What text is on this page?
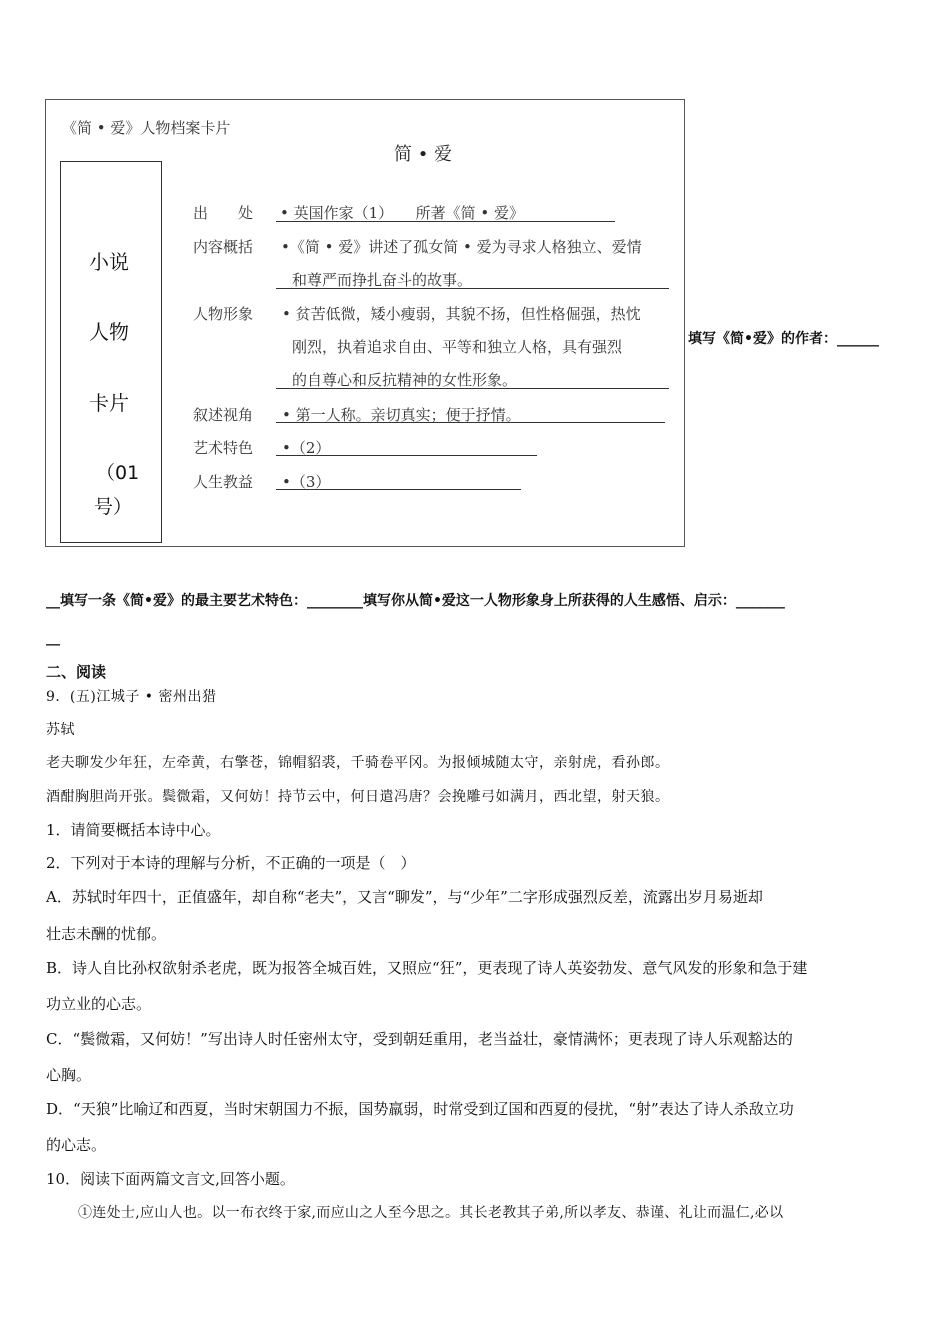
《简 • 爱》人物档案卡片
简 • 爱
小说
人物
卡片
（01
号）
出　　处 • 英国作家（1）　　所著《简 • 爱》
内容概括 •《简 • 爱》讲述了孤女简 • 爱为寻求人格独立、爱情
和尊严而挣扎奋斗的故事。
人物形象 • 贫苦低微，矮小瘦弱，其貌不扬，但性格倔强，热忱
刚烈，执着追求自由、平等和独立人格，具有强烈
的自尊心和反抗精神的女性形象。
叙述视角 • 第一人称。亲切真实；便于抒情。
艺术特色 •（2）
人生教益 •（3）
填写《简•爱》的作者：______
__填写一条《简•爱》的最主要艺术特色：________填写你从简•爱这一人物形象身上所获得的人生感悟、启示：_______
__
二、阅读
9．(五)江城子 • 密州出猎
苏轼
老夫聊发少年狂，左牵黄，右擎苍，锦帽貂裘，千骑卷平冈。为报倾城随太守，亲射虎，看孙郎。
酒酣胸胆尚开张。鬓微霜，又何妨！持节云中，何日遣冯唐？会挽雕弓如满月，西北望，射天狼。
1．请简要概括本诗中心。
2．下列对于本诗的理解与分析，不正确的一项是（　）
A．苏轼时年四十，正值盛年，却自称“老夫”，又言“聊发”，与“少年”二字形成强烈反差，流露出岁月易逝却
壮志未酬的忧郁。
B．诗人自比孙权欲射杀老虎，既为报答全城百姓，又照应“狂”，更表现了诗人英姿勃发、意气风发的形象和急于建
功立业的心志。
C．“鬓微霜，又何妨！”写出诗人时任密州太守，受到朝廷重用，老当益壮，豪情满怀；更表现了诗人乐观豁达的
心胸。
D．“天狼”比喻辽和西夏，当时宋朝国力不振，国势羸弱，时常受到辽国和西夏的侵扰，“射”表达了诗人杀敌立功
的心志。
10．阅读下面两篇文言文,回答小题。
①连处士,应山人也。以一布衣终于家,而应山之人至今思之。其长老教其子弟,所以孝友、恭谨、礼让而温仁,必以
